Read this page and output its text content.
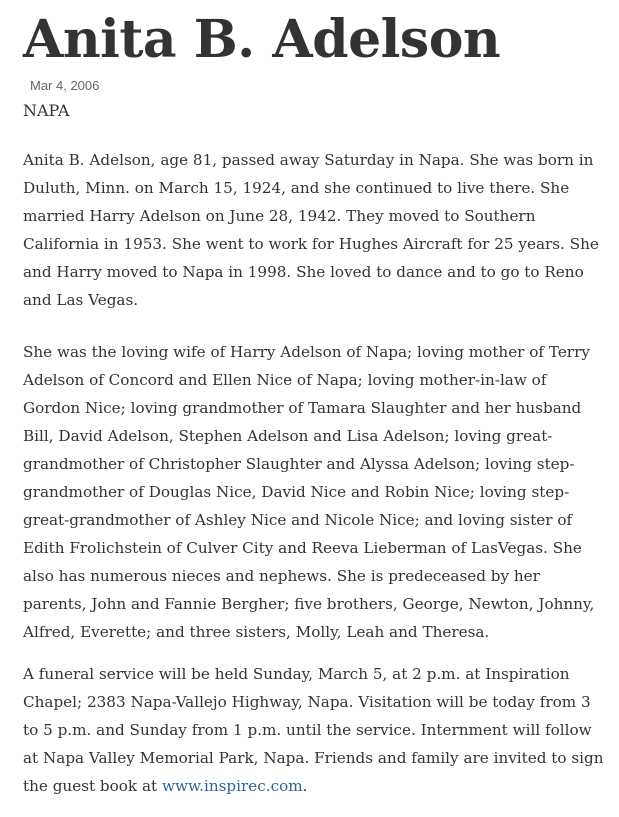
Anita B. Adelson
Mar 4, 2006
NAPA

Anita B. Adelson, age 81, passed away Saturday in Napa. She was born in Duluth, Minn. on March 15, 1924, and she continued to live there. She married Harry Adelson on June 28, 1942. They moved to Southern California in 1953. She went to work for Hughes Aircraft for 25 years. She and Harry moved to Napa in 1998. She loved to dance and to go to Reno and Las Vegas.

She was the loving wife of Harry Adelson of Napa; loving mother of Terry Adelson of Concord and Ellen Nice of Napa; loving mother-in-law of Gordon Nice; loving grandmother of Tamara Slaughter and her husband Bill, David Adelson, Stephen Adelson and Lisa Adelson; loving great-grandmother of Christopher Slaughter and Alyssa Adelson; loving step-grandmother of Douglas Nice, David Nice and Robin Nice; loving step-great-grandmother of Ashley Nice and Nicole Nice; and loving sister of Edith Frolichstein of Culver City and Reeva Lieberman of LasVegas. She also has numerous nieces and nephews. She is predeceased by her parents, John and Fannie Bergher; five brothers, George, Newton, Johnny, Alfred, Everette; and three sisters, Molly, Leah and Theresa.

A funeral service will be held Sunday, March 5, at 2 p.m. at Inspiration Chapel; 2383 Napa-Vallejo Highway, Napa. Visitation will be today from 3 to 5 p.m. and Sunday from 1 p.m. until the service. Internment will follow at Napa Valley Memorial Park, Napa. Friends and family are invited to sign the guest book at www.inspirec.com.
